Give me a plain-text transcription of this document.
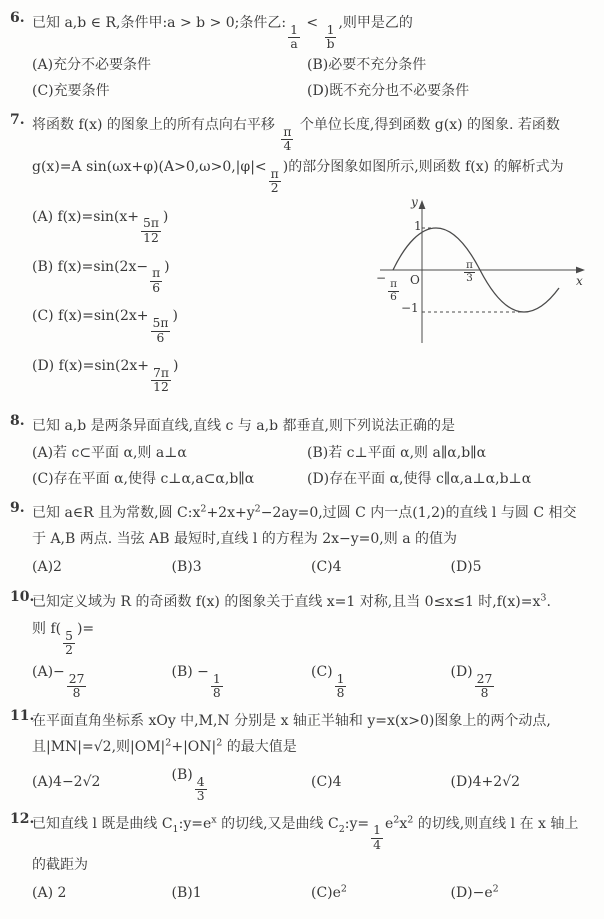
6. 已知 a,b ∈ R,条件甲:a > b > 0;条件乙:
$\frac{1}{a}$
<
$\frac{1}{b}$
,则甲是乙的
(A)充分不必要条件	(B)必要不充分条件
(C)充要条件	(D)既不充分也不必要条件
7. 将函数 f(x) 的图象上的所有点向右平移
$\frac{\pi}{4}$
个单位长度,得到函数 g(x) 的图象. 若函数 g(x)=A sin(ωx+φ)(A>0,ω>0,|φ|<
$\frac{\pi}{2}$
)的部分图象如图所示,则函数 f(x) 的解析式为
(A) f(x)=sin(x+
$\frac{5\pi}{12}$
)
(B) f(x)=sin(2x−
$\frac{\pi}{6}$
)
(C) f(x)=sin(2x+
$\frac{5\pi}{6}$
)
(D) f(x)=sin(2x+
$\frac{7\pi}{12}$
)
y
x
O
1
−1
−
$\frac{\pi}{6}$
$\frac{\pi}{3}$
8. 已知 a,b 是两条异面直线,直线 c 与 a,b 都垂直,则下列说法正确的是
(A)若 c⊂平面 α,则 a⊥α	(B)若 c⊥平面 α,则 a∥α,b∥α
(C)存在平面 α,使得 c⊥α,a⊂α,b∥α	(D)存在平面 α,使得 c∥α,a⊥α,b⊥α
9. 已知 a∈R 且为常数,圆 $C:x^2+2x+y^2-2ay=0$,过圆 C 内一点(1,2)的直线 l 与圆 C 相交于 A,B 两点. 当弦 AB 最短时,直线 l 的方程为 2x−y=0,则 a 的值为
(A)2	(B)3	(C)4	(D)5
10.
已知定义域为 R 的奇函数 f(x) 的图象关于直线 x=1 对称,且当 0≤x≤1 时$,f(x)=x^3$.
则 f(
$\frac{5}{2}$
)=
(A)−
$\frac{27}{8}$
(B) −
$\frac{1}{8}$
(C)
$\frac{1}{8}$
(D)
$\frac{27}{8}$
11.
在平面直角坐标系 xOy 中,M,N 分别是 x 轴正半轴和 y=x(x>0)图象上的两个动点,且|MN|=√2,则$|OM|^2+|ON|^2$ 的最大值是
(A)4−2√2	(B)
$\frac{4}{3}$	(C)4	(D)4+2√2
12.
已知直线 l 既是曲线 $C_1:y=e^x$ 的切线,又是曲线 $C_2:y=$
$\frac{1}{4}$
$e^2x^2$ 的切线,则直线 l 在 x 轴上的截距为
(A) 2	(B)1	$(C)e^2$	$(D)-e^2$
